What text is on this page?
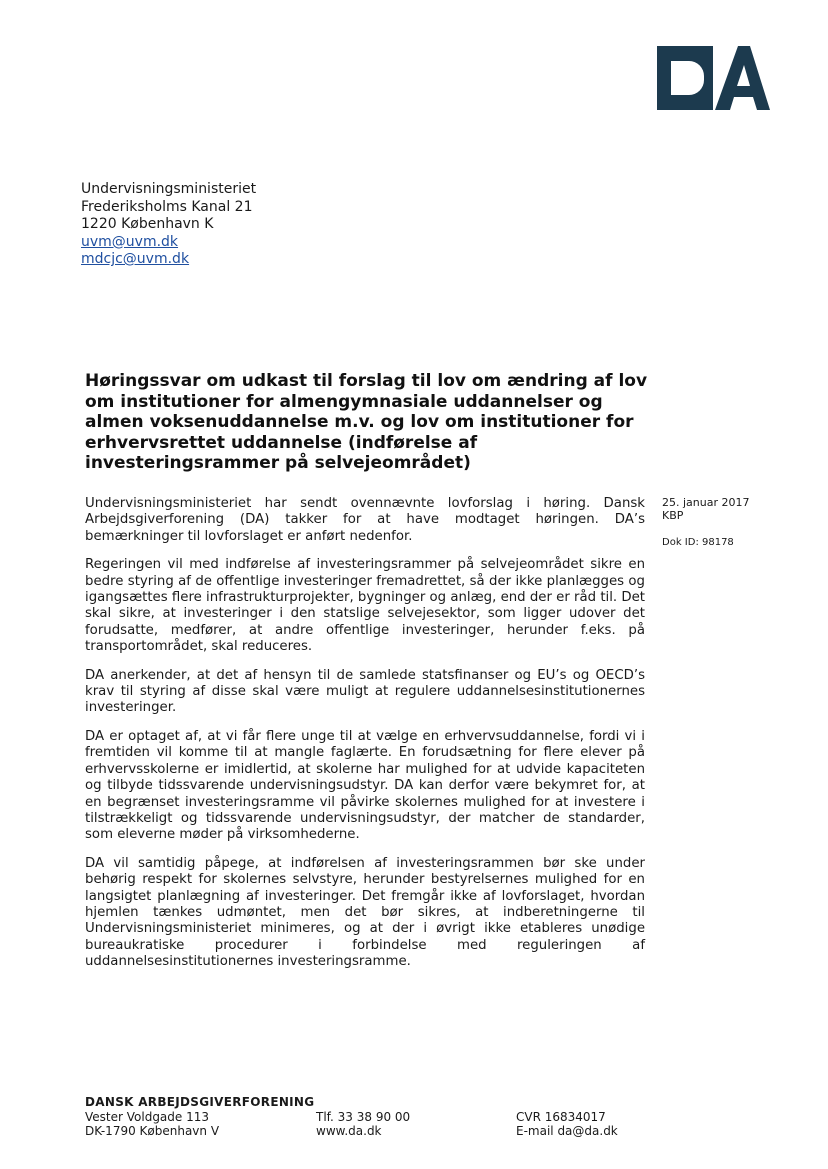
Undervisningsministeriet
Frederiksholms Kanal 21
1220 København K
uvm@uvm.dk
mdcjc@uvm.dk
Høringssvar om udkast til forslag til lov om ændring af lov om institutioner for almengymnasiale uddannelser og almen voksenuddannelse m.v. og lov om institutioner for erhvervsrettet uddannelse (indførelse af investeringsrammer på selvejeområdet)
25. januar 2017
KBP
Dok ID: 98178

Undervisningsministeriet har sendt ovennævnte lovforslag i høring. Dansk Arbejdsgiverforening (DA) takker for at have modtaget høringen. DA’s bemærkninger til lovforslaget er anført nedenfor.

Regeringen vil med indførelse af investeringsrammer på selvejeområdet sikre en bedre styring af de offentlige investeringer fremadrettet, så der ikke planlægges og igangsættes flere infrastrukturprojekter, bygninger og anlæg, end der er råd til. Det skal sikre, at investeringer i den statslige selvejesektor, som ligger udover det forudsatte, medfører, at andre offentlige investeringer, herunder f.eks. på transportområdet, skal reduceres.

DA anerkender, at det af hensyn til de samlede statsfinanser og EU’s og OECD’s krav til styring af disse skal være muligt at regulere uddannelsesinstitutionernes investeringer.

DA er optaget af, at vi får flere unge til at vælge en erhvervsuddannelse, fordi vi i fremtiden vil komme til at mangle faglærte. En forudsætning for flere elever på erhvervsskolerne er imidlertid, at skolerne har mulighed for at udvide kapaciteten og tilbyde tidssvarende undervisningsudstyr. DA kan derfor være bekymret for, at en begrænset investeringsramme vil påvirke skolernes mulighed for at investere i tilstrækkeligt og tidssvarende undervisningsudstyr, der matcher de standarder, som eleverne møder på virksomhederne.

DA vil samtidig påpege, at indførelsen af investeringsrammen bør ske under behørig respekt for skolernes selvstyre, herunder bestyrelsernes mulighed for en langsigtet planlægning af investeringer. Det fremgår ikke af lovforslaget, hvordan hjemlen tænkes udmøntet, men det bør sikres, at indberetningerne til Undervisningsministeriet minimeres, og at der i øvrigt ikke etableres unødige bureaukratiske procedurer i forbindelse med reguleringen af uddannelsesinstitutionernes investeringsramme.

DANSK ARBEJDSGIVERFORENING
Vester Voldgade 113
DK-1790 København V
Tlf. 33 38 90 00
www.da.dk
CVR 16834017
E-mail da@da.dk
